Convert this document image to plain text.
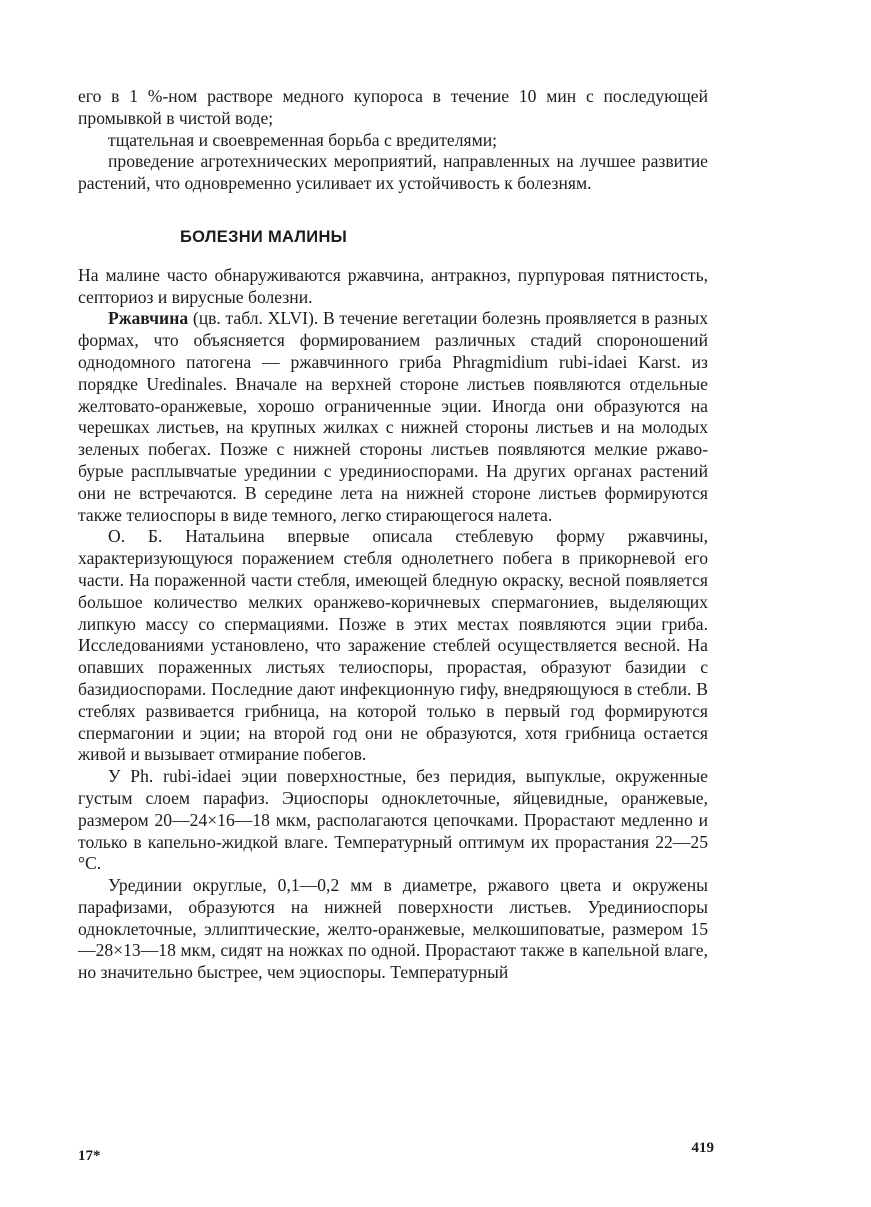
его в 1 %-ном растворе медного купороса в течение 10 мин с последующей промывкой в чистой воде;

тщательная и своевременная борьба с вредителями;

проведение агротехнических мероприятий, направленных на лучшее развитие растений, что одновременно усиливает их устойчивость к болезням.

БОЛЕЗНИ МАЛИНЫ

На малине часто обнаруживаются ржавчина, антракноз, пурпуровая пятнистость, септориоз и вирусные болезни.

Ржавчина (цв. табл. XLVI). В течение вегетации болезнь проявляется в разных формах, что объясняется формированием различных стадий спороношений однодомного патогена — ржавчинного гриба Phragmidium rubi-idaei Karst. из порядке Uredinales. Вначале на верхней стороне листьев появляются отдельные желтовато-оранжевые, хорошо ограниченные эции. Иногда они образуются на черешках листьев, на крупных жилках с нижней стороны листьев и на молодых зеленых побегах. Позже с нижней стороны листьев появляются мелкие ржаво-бурые расплывчатые урединии с урединиоспорами. На других органах растений они не встречаются. В середине лета на нижней стороне листьев формируются также телиоспоры в виде темного, легко стирающегося налета.

О. Б. Натальина впервые описала стеблевую форму ржавчины, характеризующуюся поражением стебля однолетнего побега в прикорневой его части. На пораженной части стебля, имеющей бледную окраску, весной появляется большое количество мелких оранжево-коричневых спермагониев, выделяющих липкую массу со спермациями. Позже в этих местах появляются эции гриба. Исследованиями установлено, что заражение стеблей осуществляется весной. На опавших пораженных листьях телиоспоры, прорастая, образуют базидии с базидиоспорами. Последние дают инфекционную гифу, внедряющуюся в стебли. В стеблях развивается грибница, на которой только в первый год формируются спермагонии и эции; на второй год они не образуются, хотя грибница остается живой и вызывает отмирание побегов.

У Ph. rubi-idaei эции поверхностные, без перидия, выпуклые, окруженные густым слоем парафиз. Эциоспоры одноклеточные, яйцевидные, оранжевые, размером 20—24×16—18 мкм, располагаются цепочками. Прорастают медленно и только в капельно-жидкой влаге. Температурный оптимум их прорастания 22—25 °С.

Урединии округлые, 0,1—0,2 мм в диаметре, ржавого цвета и окружены парафизами, образуются на нижней поверхности листьев. Урединиоспоры одноклеточные, эллиптические, желто-оранжевые, мелкошиповатые, размером 15—28×13—18 мкм, сидят на ножках по одной. Прорастают также в капельной влаге, но значительно быстрее, чем эциоспоры. Температурный

17*	419
